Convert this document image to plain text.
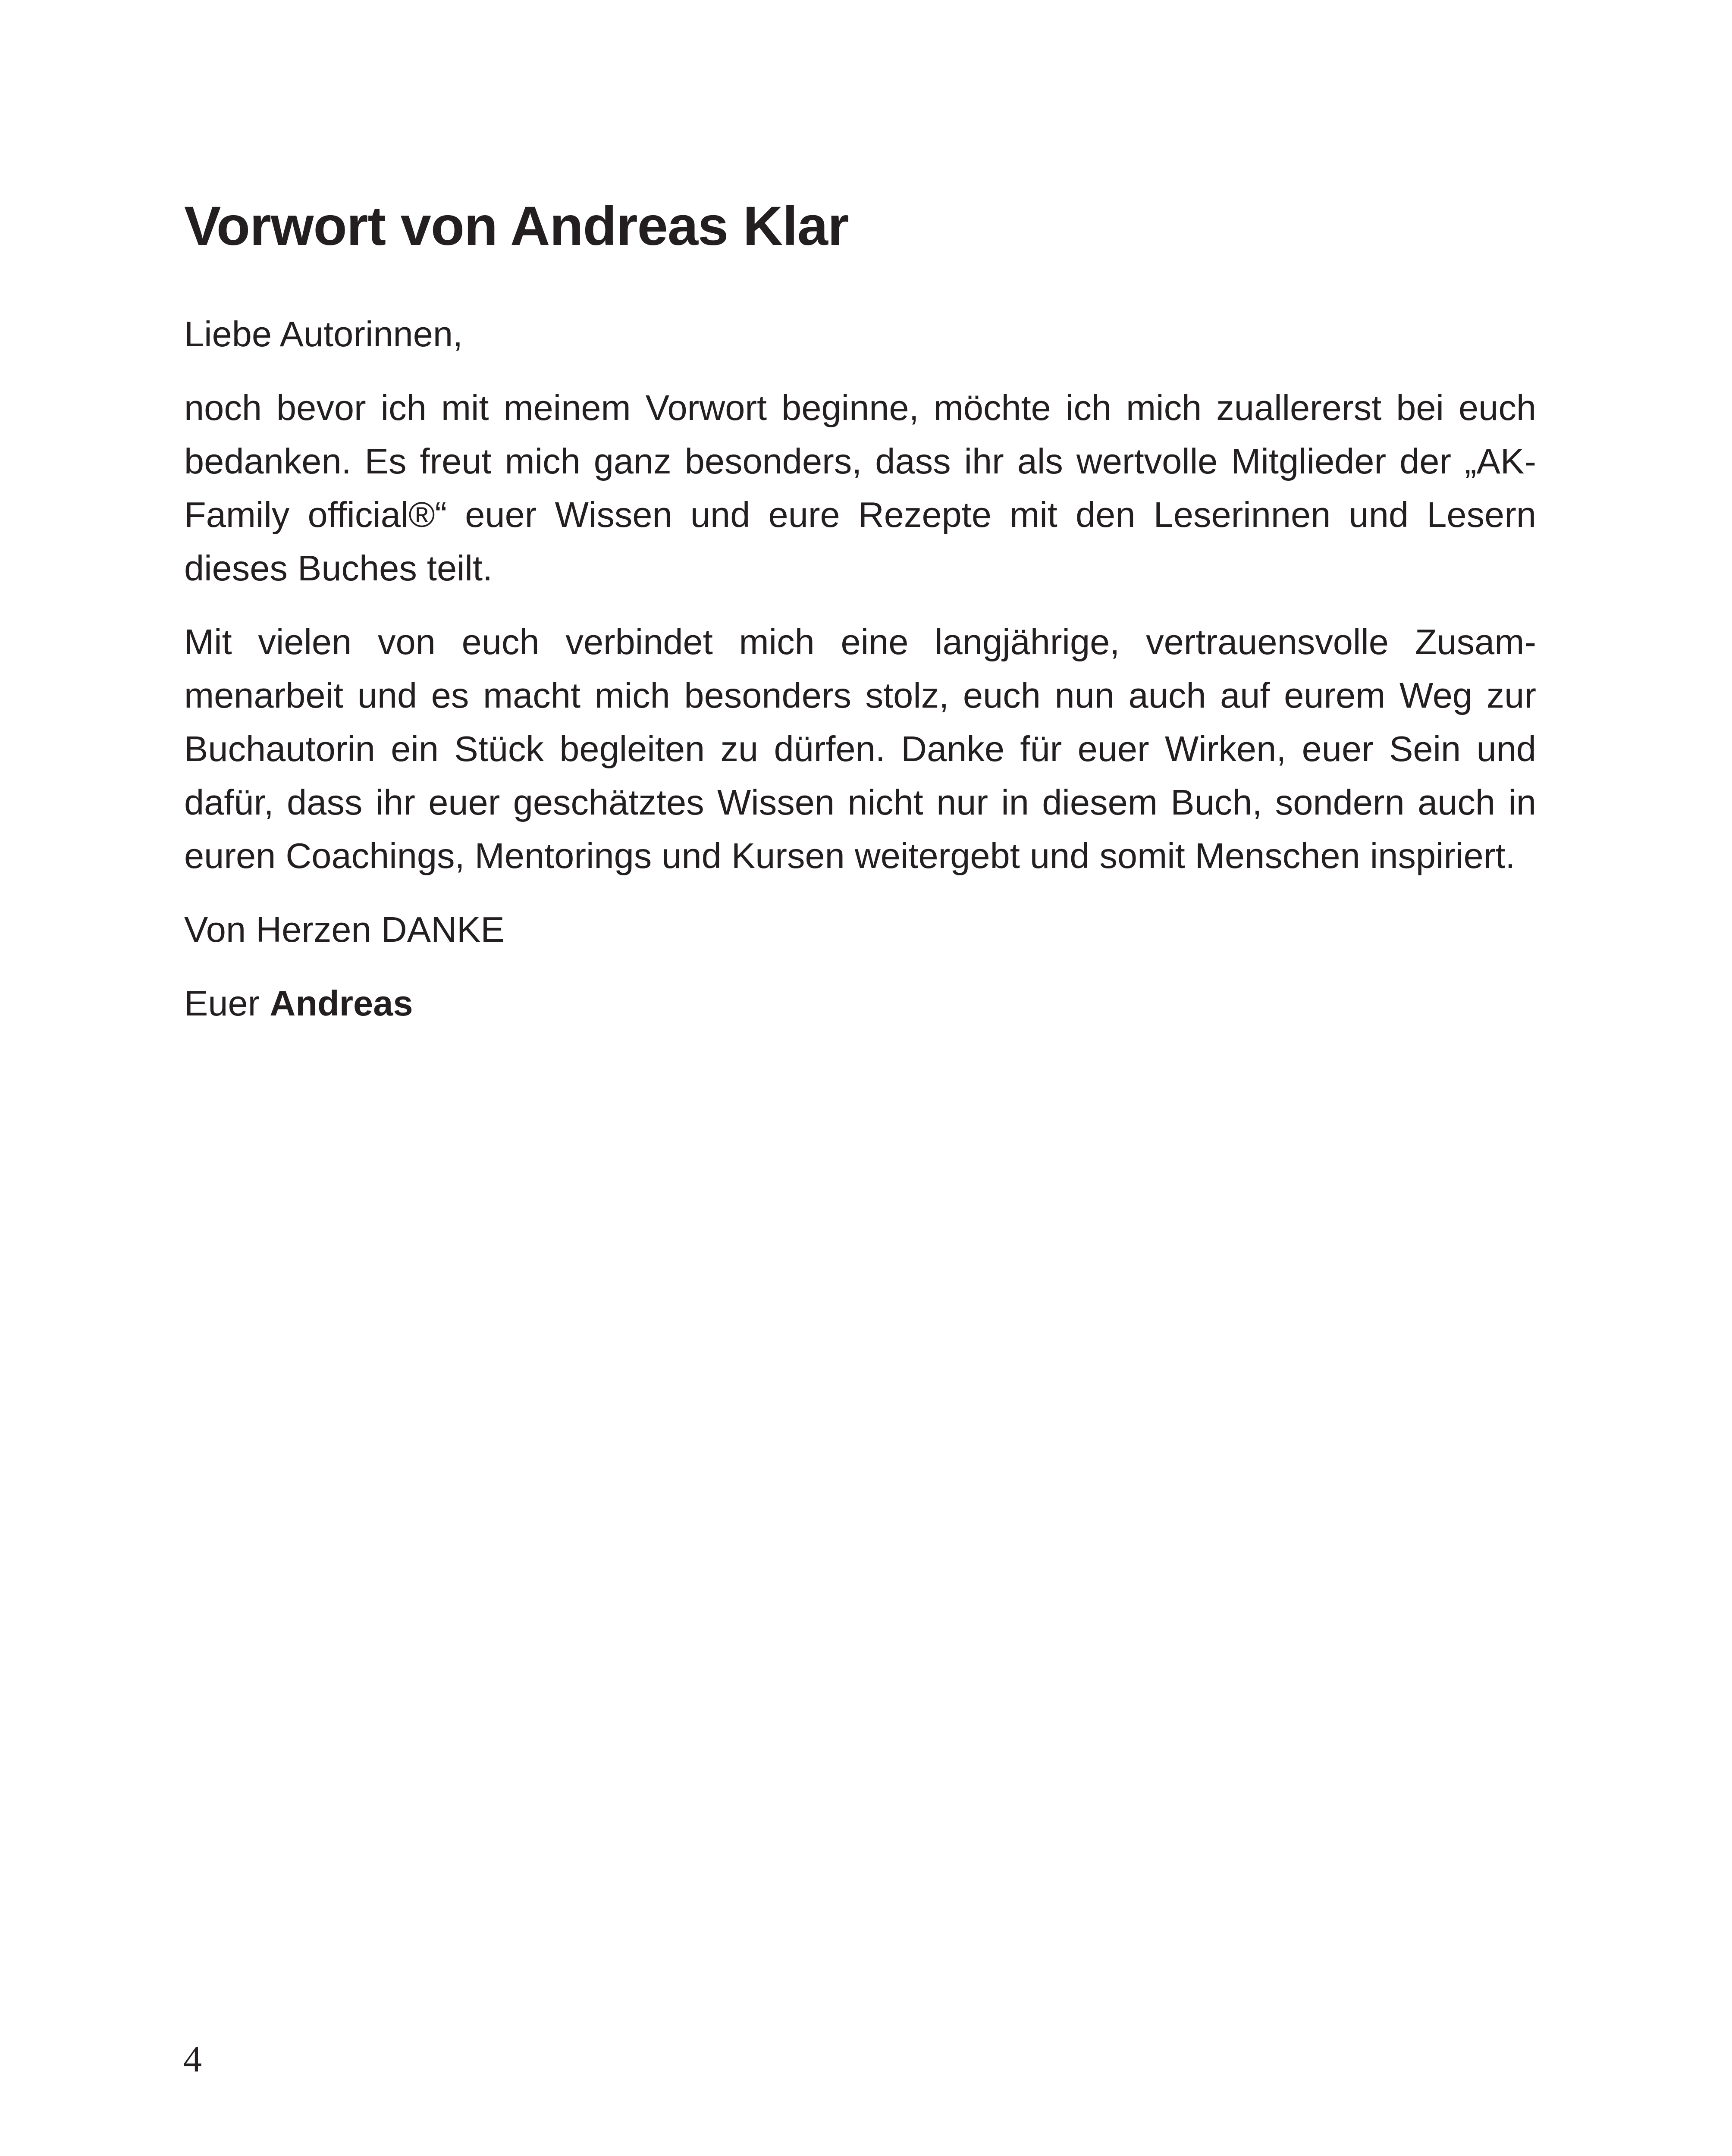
Vorwort von Andreas Klar

Liebe Autorinnen,

noch bevor ich mit meinem Vorwort beginne, möchte ich mich zuallererst bei euch bedanken. Es freut mich ganz besonders, dass ihr als wertvolle Mitglieder der „AK-Family official®“ euer Wissen und eure Rezepte mit den Leserinnen und Lesern dieses Buches teilt.

Mit vielen von euch verbindet mich eine langjährige, vertrauensvolle Zusammenarbeit und es macht mich besonders stolz, euch nun auch auf eurem Weg zur Buchautorin ein Stück begleiten zu dürfen. Danke für euer Wirken, euer Sein und dafür, dass ihr euer geschätztes Wissen nicht nur in diesem Buch, sondern auch in euren Coachings, Mentorings und Kursen weitergebt und somit Menschen inspiriert.

Von Herzen DANKE

Euer Andreas

4
